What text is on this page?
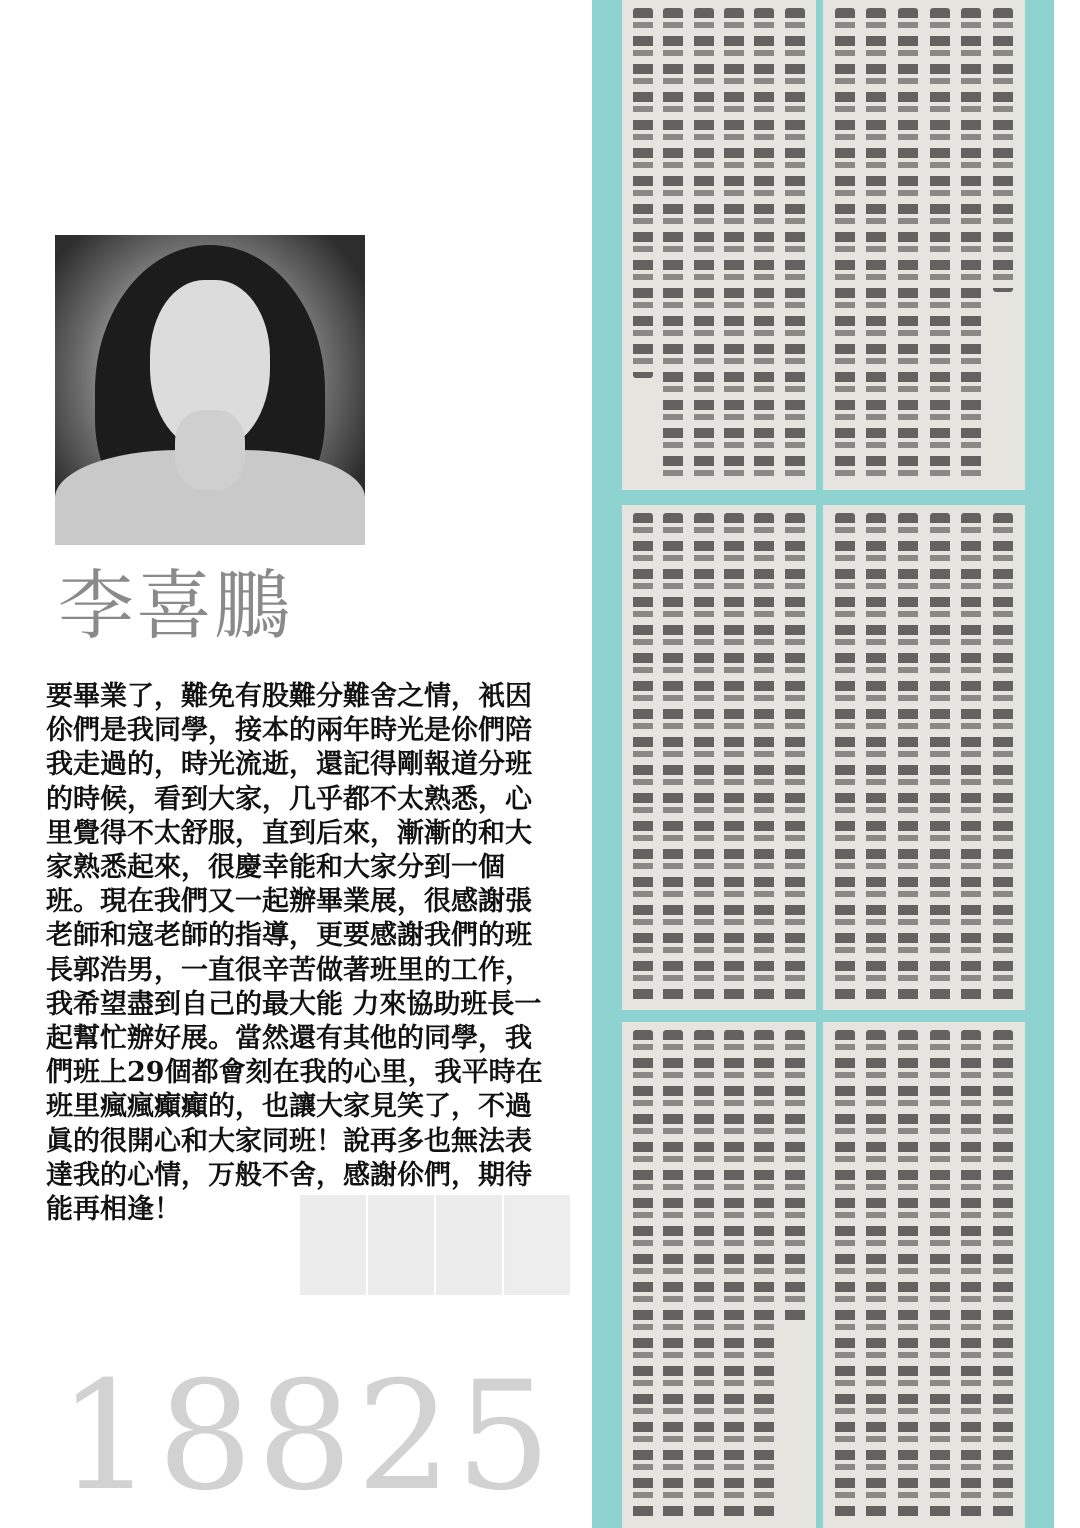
李喜鵬

要畢業了，難免有股難分難舍之情，衹因伱們是我同學，接本的兩年時光是伱們陪我走過的，時光流逝，還記得剛報道分班的時候，看到大家，几乎都不太熟悉，心里覺得不太舒服，直到后來，漸漸的和大家熟悉起來，很慶幸能和大家分到一個班。現在我們又一起辦畢業展，很感謝張老師和寇老師的指導，更要感謝我們的班長郭浩男，一直很辛苦做著班里的工作，我希望盡到自己的最大能 力來協助班長一起幫忙辦好展。當然還有其他的同學，我們班上29個都會刻在我的心里，我平時在班里瘋瘋癲癲的，也讓大家見笑了，不過眞的很開心和大家同班！說再多也無法表達我的心情，万般不舍，感謝伱們，期待能再相逢！

18825
